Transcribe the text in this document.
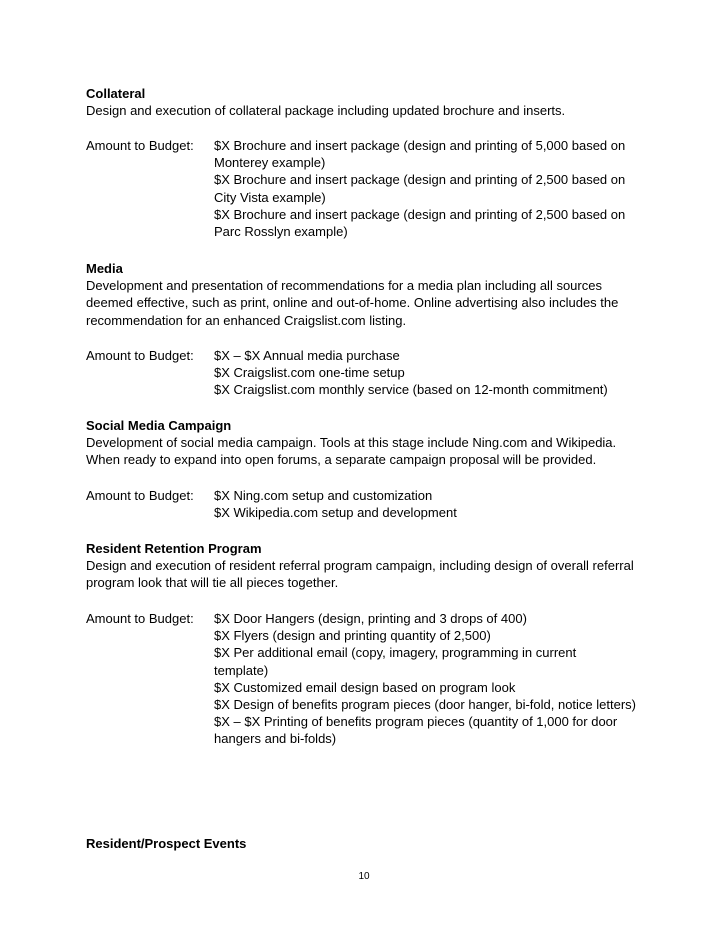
Collateral
Design and execution of collateral package including updated brochure and inserts.
Amount to Budget: $X Brochure and insert package (design and printing of 5,000 based on
Monterey example)
$X Brochure and insert package (design and printing of 2,500 based on
City Vista example)
$X Brochure and insert package (design and printing of 2,500 based on
Parc Rosslyn example)
Media
Development and presentation of recommendations for a media plan including all sources
deemed effective, such as print, online and out-of-home. Online advertising also includes the
recommendation for an enhanced Craigslist.com listing.
Amount to Budget: $X – $X Annual media purchase
$X Craigslist.com one-time setup
$X Craigslist.com monthly service (based on 12-month commitment)
Social Media Campaign
Development of social media campaign. Tools at this stage include Ning.com and Wikipedia.
When ready to expand into open forums, a separate campaign proposal will be provided.
Amount to Budget: $X Ning.com setup and customization
$X Wikipedia.com setup and development
Resident Retention Program
Design and execution of resident referral program campaign, including design of overall referral
program look that will tie all pieces together.
Amount to Budget: $X Door Hangers (design, printing and 3 drops of 400)
$X Flyers (design and printing quantity of 2,500)
$X Per additional email (copy, imagery, programming in current
template)
$X Customized email design based on program look
$X Design of benefits program pieces (door hanger, bi-fold, notice letters)
$X – $X Printing of benefits program pieces (quantity of 1,000 for door
hangers and bi-folds)
Resident/Prospect Events
10
